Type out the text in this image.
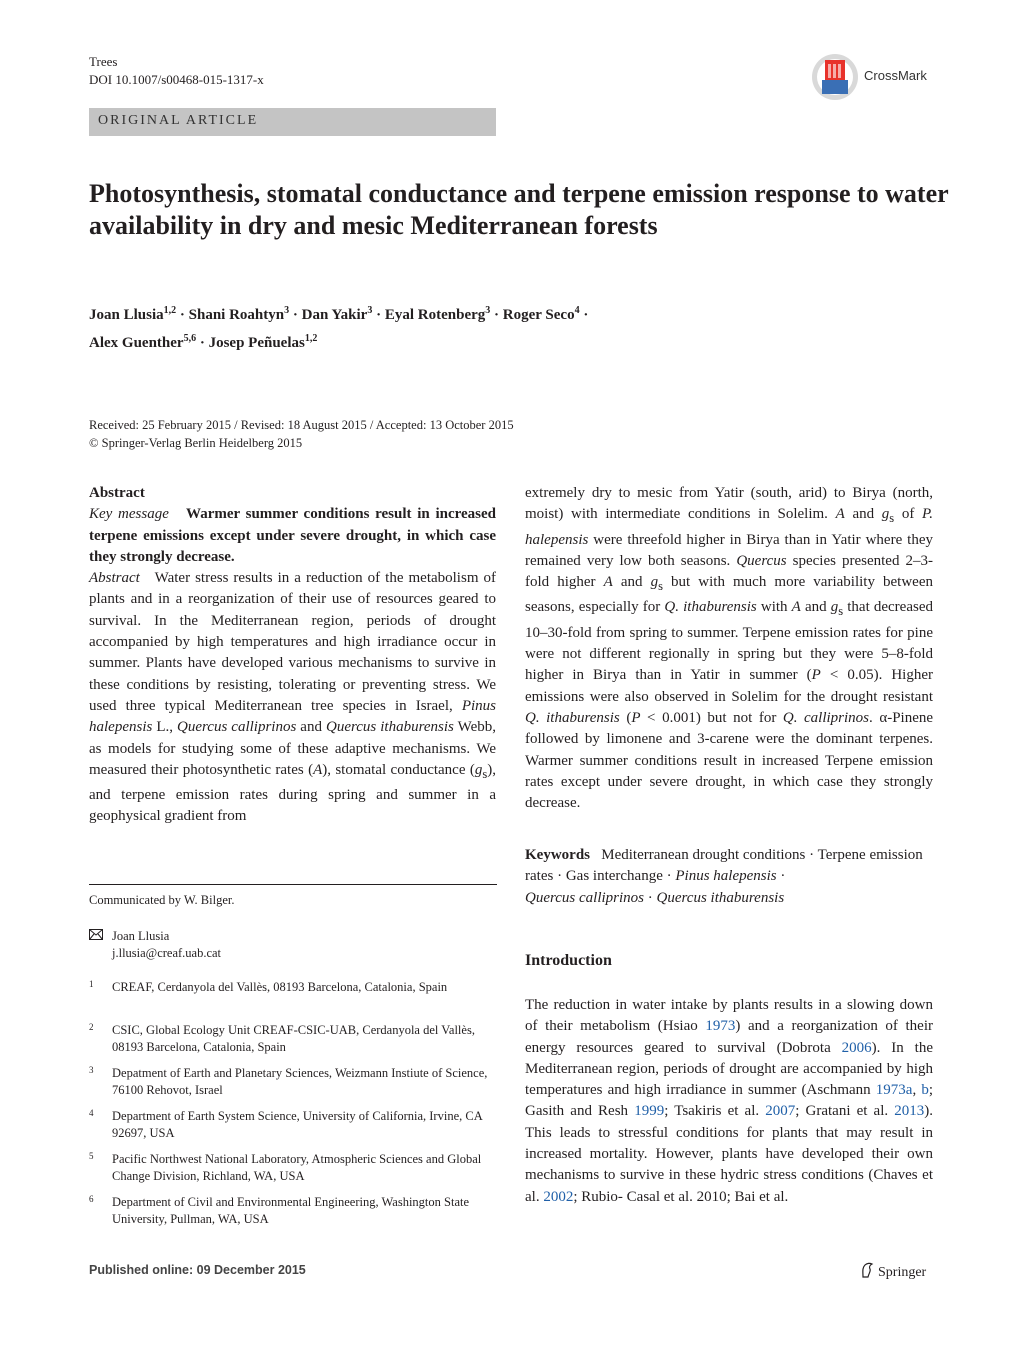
Trees
DOI 10.1007/s00468-015-1317-x	CrossMark
ORIGINAL ARTICLE
Photosynthesis, stomatal conductance and terpene emission response to water availability in dry and mesic Mediterranean forests
Joan Llusia$^{1,2}$ · Shani Roahtyn$^3$ · Dan Yakir$^3$ · Eyal Rotenberg$^3$ · Roger Seco$^4$ ·
Alex Guenther$^{5,6}$ · Josep Peñuelas$^{1,2}$
Received: 25 February 2015 / Revised: 18 August 2015 / Accepted: 13 October 2015
© Springer-Verlag Berlin Heidelberg 2015

Abstract

Key message Warmer summer conditions result in increased terpene emissions except under severe drought, in which case they strongly decrease.

Abstract   Water stress results in a reduction of the metabolism of plants and in a reorganization of their use of resources geared to survival. In the Mediterranean region, periods of drought accompanied by high temperatures and high irradiance occur in summer. Plants have developed various mechanisms to survive in these conditions by resisting, tolerating or preventing stress. We used three typical Mediterranean tree species in Israel, Pinus halepensis L., Quercus calliprinos and Quercus ithaburensis Webb, as models for studying some of these adaptive mechanisms. We measured their photosynthetic rates (A), stomatal conductance $(g_s)$, and terpene emission rates during spring and summer in a geophysical gradient from

Communicated by W. Bilger.
Joan Llusia
j.llusia@creaf.uab.cat
1 CREAF, Cerdanyola del Vallès, 08193 Barcelona, Catalonia, Spain
2 CSIC, Global Ecology Unit CREAF-CSIC-UAB, Cerdanyola del Vallès, 08193 Barcelona, Catalonia, Spain
3 Depatment of Earth and Planetary Sciences, Weizmann Instiute of Science, 76100 Rehovot, Israel
4 Department of Earth System Science, University of California, Irvine, CA 92697, USA
5 Pacific Northwest National Laboratory, Atmospheric Sciences and Global Change Division, Richland, WA, USA
6 Department of Civil and Environmental Engineering, Washington State University, Pullman, WA, USA

extremely dry to mesic from Yatir (south, arid) to Birya (north, moist) with intermediate conditions in Solelim. A and $g_s$ of P. halepensis were threefold higher in Birya than in Yatir where they remained very low both seasons. Quercus species presented 2–3-fold higher A and $g_s$ but with much more variability between seasons, especially for Q. ithaburensis with A and $g_s$ that decreased 10–30-fold from spring to summer. Terpene emission rates for pine were not different regionally in spring but they were 5–8-fold higher in Birya than in Yatir in summer (P < 0.05). Higher emissions were also observed in Solelim for the drought resistant Q. ithaburensis (P < 0.001) but not for Q. calliprinos. α-Pinene followed by limonene and 3-carene were the dominant terpenes. Warmer summer conditions result in increased Terpene emission rates except under severe drought, in which case they strongly decrease.

Keywords Mediterranean drought conditions · Terpene emission rates · Gas interchange · Pinus halepensis ·
Quercus calliprinos · Quercus ithaburensis
Introduction

The reduction in water intake by plants results in a slowing down of their metabolism (Hsiao 1973) and a reorganization of their energy resources geared to survival (Dobrota 2006). In the Mediterranean region, periods of drought are accompanied by high temperatures and high irradiance in summer (Aschmann 1973a, b; Gasith and Resh 1999; Tsakiris et al. 2007; Gratani et al. 2013). This leads to stressful conditions for plants that may result in increased mortality. However, plants have developed their own mechanisms to survive in these hydric stress conditions (Chaves et al. 2002; Rubio- Casal et al. 2010; Bai et al.

Published online: 09 December 2015	Springer
